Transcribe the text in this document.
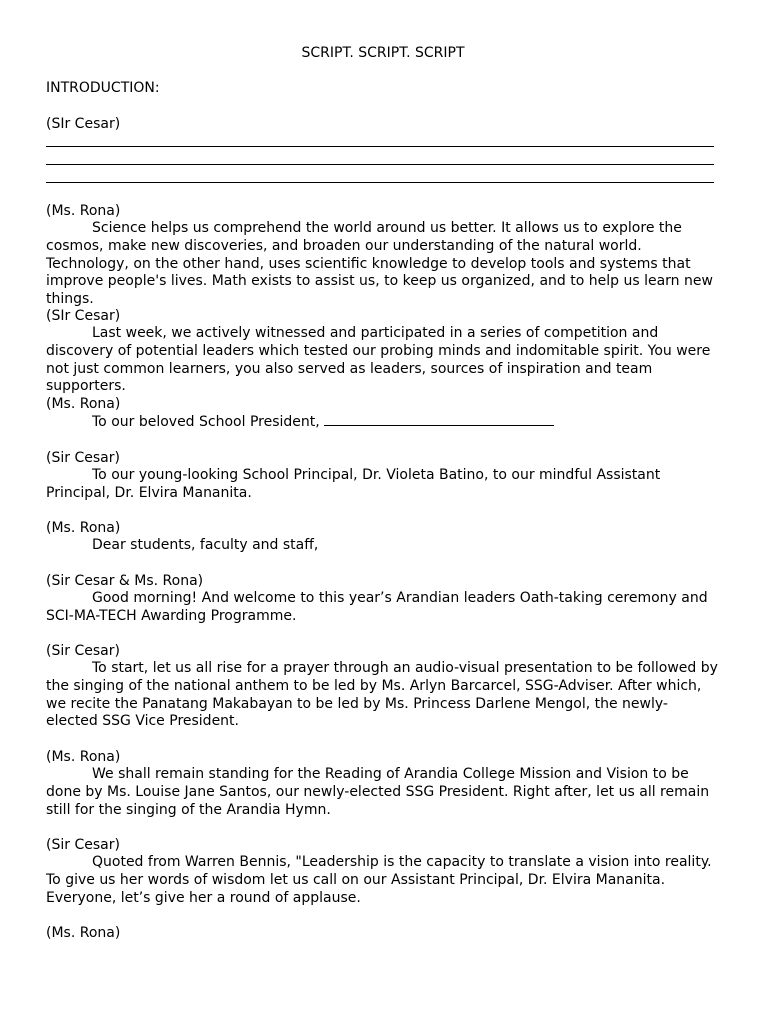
SCRIPT. SCRIPT. SCRIPT
INTRODUCTION:
(SIr Cesar)
(Ms. Rona)
Science helps us comprehend the world around us better. It allows us to explore the cosmos, make new discoveries, and broaden our understanding of the natural world. Technology, on the other hand, uses scientific knowledge to develop tools and systems that improve people's lives. Math exists to assist us, to keep us organized, and to help us learn new things.
(SIr Cesar)
Last week, we actively witnessed and participated in a series of competition and discovery of potential leaders which tested our probing minds and indomitable spirit. You were not just common learners, you also served as leaders, sources of inspiration and team supporters.
(Ms. Rona)
To our beloved School President,
(Sir Cesar)
To our young-looking School Principal, Dr. Violeta Batino, to our mindful Assistant Principal, Dr. Elvira Mananita.
(Ms. Rona)
Dear students, faculty and staff,
(Sir Cesar & Ms. Rona)
Good morning! And welcome to this year’s Arandian leaders Oath-taking ceremony and SCI-MA-TECH Awarding Programme.
(Sir Cesar)
To start, let us all rise for a prayer through an audio-visual presentation to be followed by the singing of the national anthem to be led by Ms. Arlyn Barcarcel, SSG-Adviser. After which, we recite the Panatang Makabayan to be led by Ms. Princess Darlene Mengol, the newly-elected SSG Vice President.
(Ms. Rona)
We shall remain standing for the Reading of Arandia College Mission and Vision to be done by Ms. Louise Jane Santos, our newly-elected SSG President. Right after, let us all remain still for the singing of the Arandia Hymn.
(Sir Cesar)
Quoted from Warren Bennis, "Leadership is the capacity to translate a vision into reality. To give us her words of wisdom let us call on our Assistant Principal, Dr. Elvira Mananita. Everyone, let’s give her a round of applause.
(Ms. Rona)
